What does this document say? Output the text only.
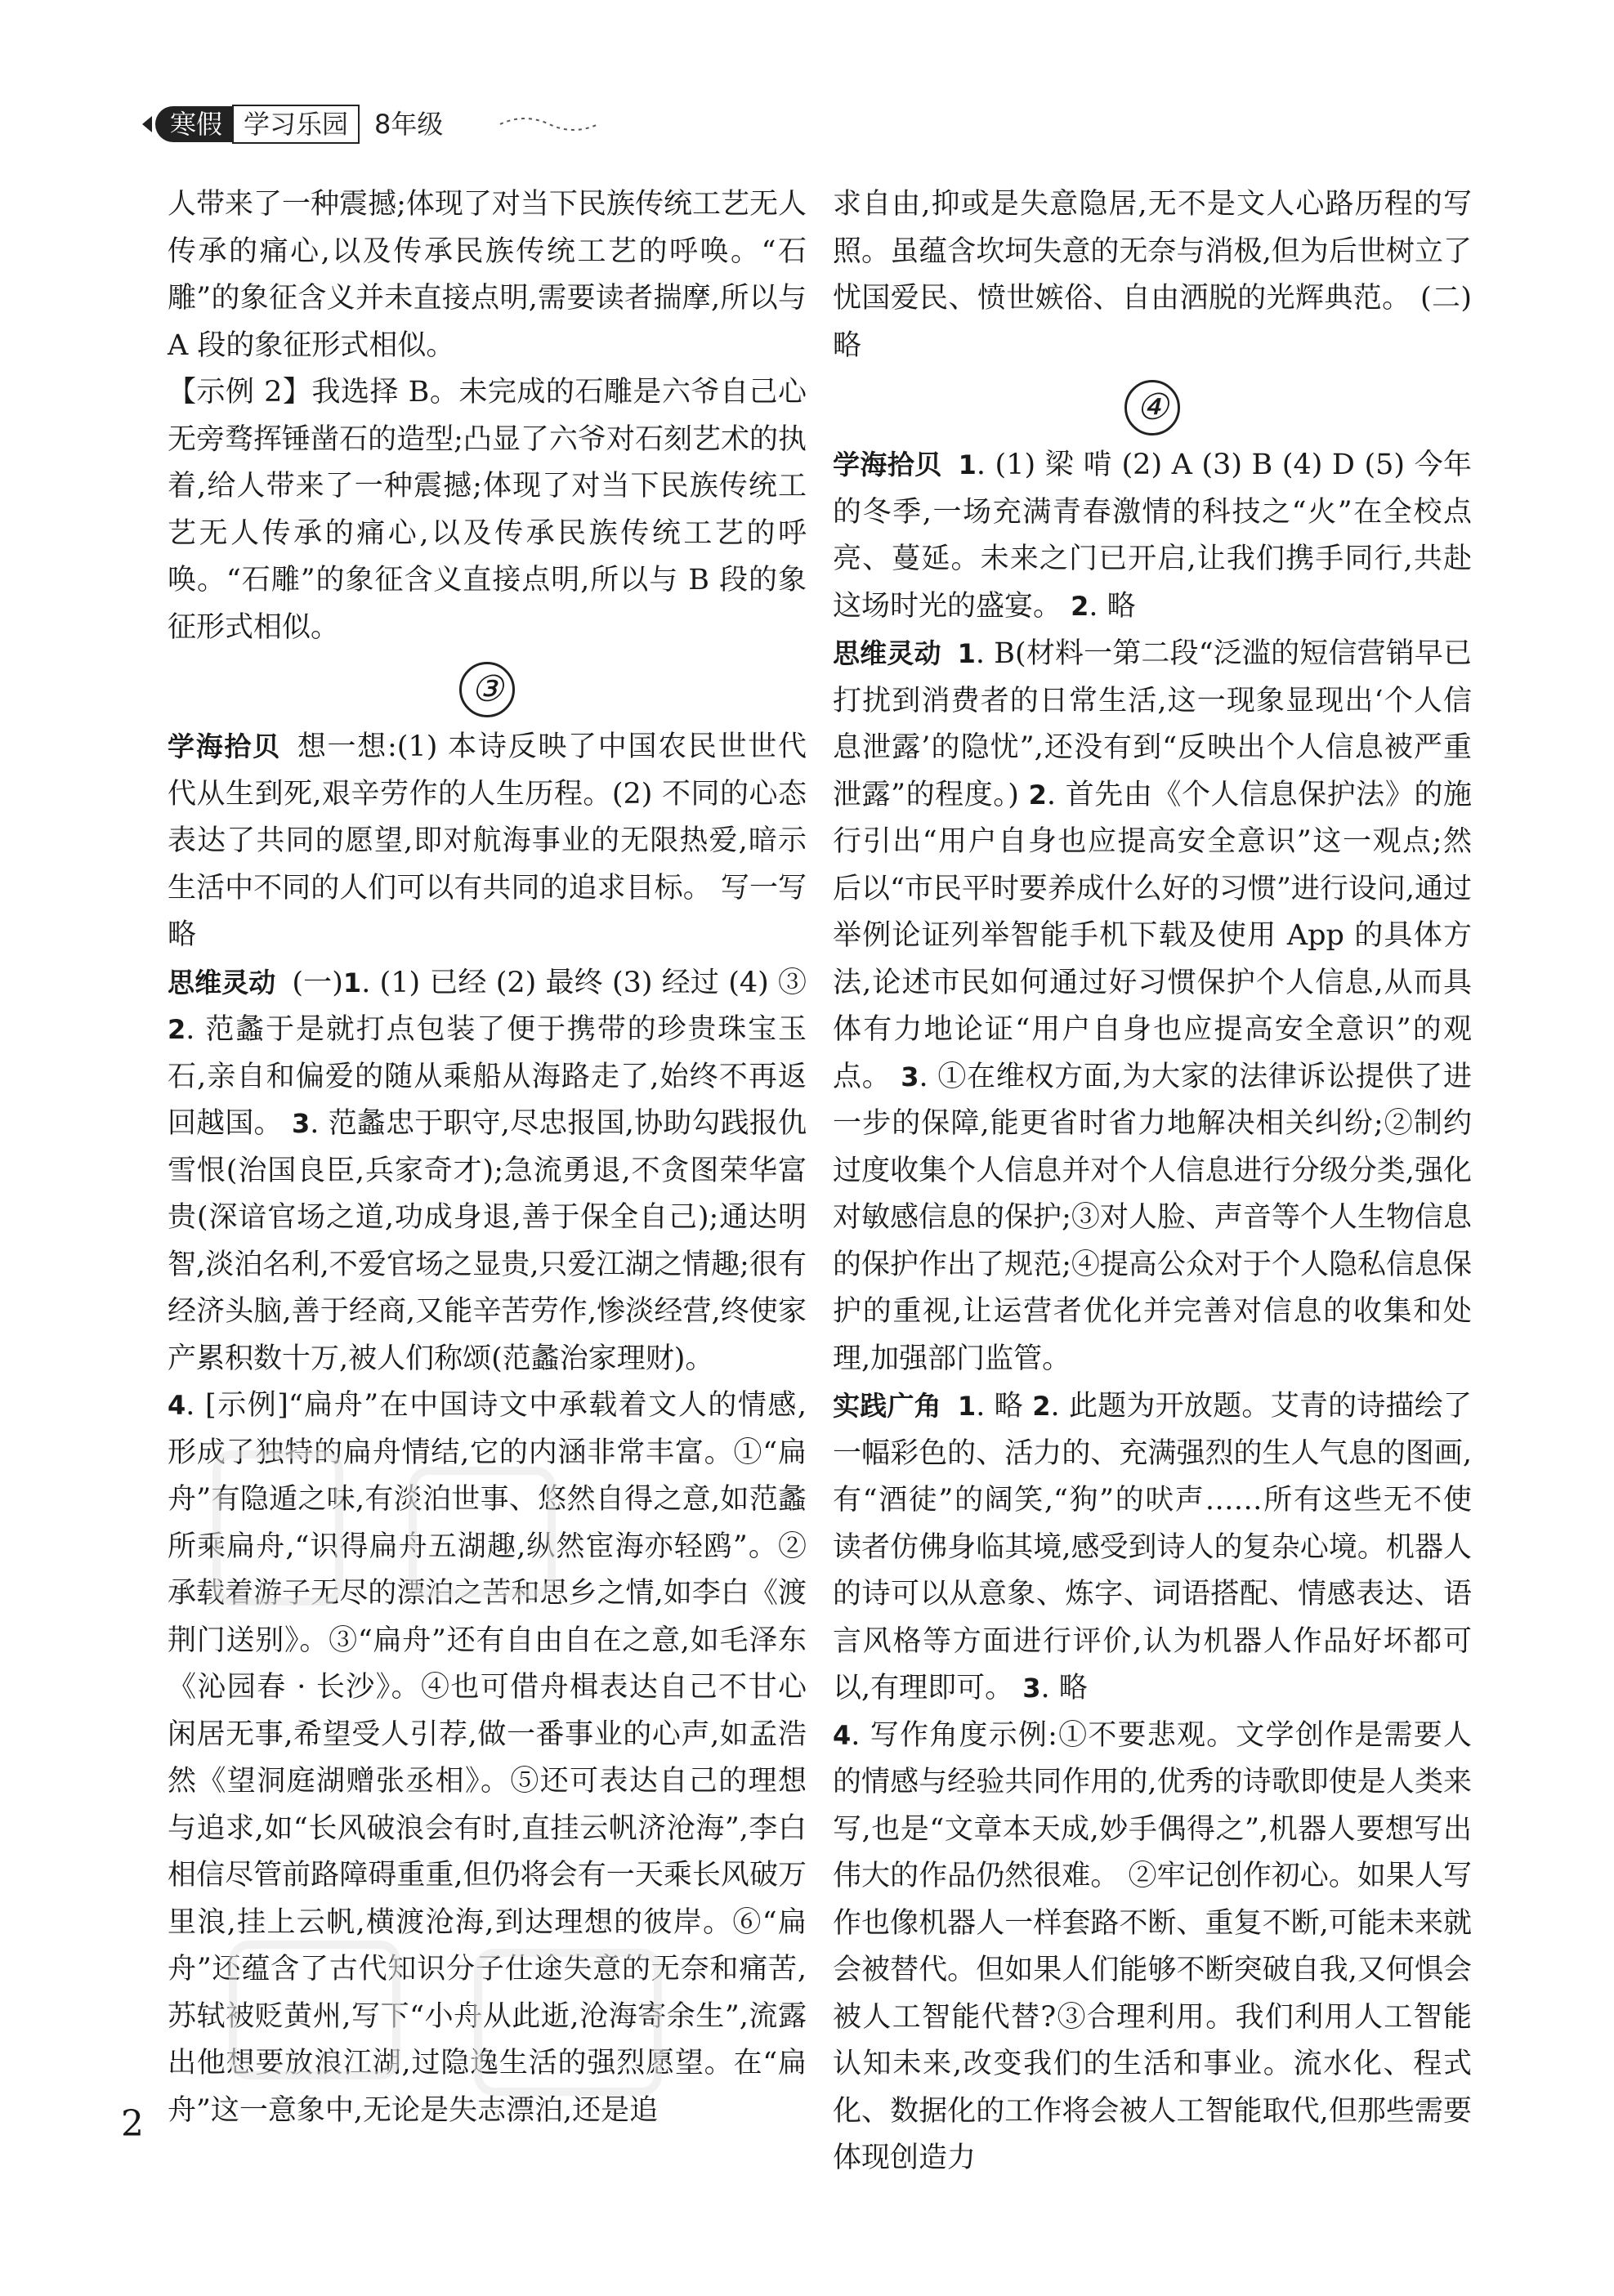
寒假 学习乐园	8年级

人带来了一种震撼;体现了对当下民族传统工艺无人传承的痛心,以及传承民族传统工艺的呼唤。“石雕”的象征含义并未直接点明,需要读者揣摩,所以与 A 段的象征形式相似。

【示例 2】我选择 B。未完成的石雕是六爷自己心无旁骛挥锤凿石的造型;凸显了六爷对石刻艺术的执着,给人带来了一种震撼;体现了对当下民族传统工艺无人传承的痛心,以及传承民族传统工艺的呼唤。“石雕”的象征含义直接点明,所以与 B 段的象征形式相似。

③

学海拾贝 想一想:(1) 本诗反映了中国农民世世代代从生到死,艰辛劳作的人生历程。(2) 不同的心态表达了共同的愿望,即对航海事业的无限热爱,暗示生活中不同的人们可以有共同的追求目标。 写一写略

思维灵动 (一)1. (1) 已经 (2) 最终 (3) 经过 (4) ③ 2. 范蠡于是就打点包装了便于携带的珍贵珠宝玉石,亲自和偏爱的随从乘船从海路走了,始终不再返回越国。 3. 范蠡忠于职守,尽忠报国,协助勾践报仇雪恨(治国良臣,兵家奇才);急流勇退,不贪图荣华富贵(深谙官场之道,功成身退,善于保全自己);通达明智,淡泊名利,不爱官场之显贵,只爱江湖之情趣;很有经济头脑,善于经商,又能辛苦劳作,惨淡经营,终使家产累积数十万,被人们称颂(范蠡治家理财)。

4. [示例]“扁舟”在中国诗文中承载着文人的情感,形成了独特的扁舟情结,它的内涵非常丰富。①“扁舟”有隐遁之味,有淡泊世事、悠然自得之意,如范蠡所乘扁舟,“识得扁舟五湖趣,纵然宦海亦轻鸥”。②承载着游子无尽的漂泊之苦和思乡之情,如李白《渡荆门送别》。③“扁舟”还有自由自在之意,如毛泽东《沁园春 · 长沙》。④也可借舟楫表达自己不甘心闲居无事,希望受人引荐,做一番事业的心声,如孟浩然《望洞庭湖赠张丞相》。⑤还可表达自己的理想与追求,如“长风破浪会有时,直挂云帆济沧海”,李白相信尽管前路障碍重重,但仍将会有一天乘长风破万里浪,挂上云帆,横渡沧海,到达理想的彼岸。⑥“扁舟”还蕴含了古代知识分子仕途失意的无奈和痛苦,苏轼被贬黄州,写下“小舟从此逝,沧海寄余生”,流露出他想要放浪江湖,过隐逸生活的强烈愿望。在“扁舟”这一意象中,无论是失志漂泊,还是追

求自由,抑或是失意隐居,无不是文人心路历程的写照。虽蕴含坎坷失意的无奈与消极,但为后世树立了忧国爱民、愤世嫉俗、自由洒脱的光辉典范。 (二)略

④

学海拾贝 1. (1) 梁 啃 (2) A (3) B (4) D (5) 今年的冬季,一场充满青春激情的科技之“火”在全校点亮、蔓延。未来之门已开启,让我们携手同行,共赴这场时光的盛宴。 2. 略

思维灵动 1. B(材料一第二段“泛滥的短信营销早已打扰到消费者的日常生活,这一现象显现出‘个人信息泄露’的隐忧”,还没有到“反映出个人信息被严重泄露”的程度。) 2. 首先由《个人信息保护法》的施行引出“用户自身也应提高安全意识”这一观点;然后以“市民平时要养成什么好的习惯”进行设问,通过举例论证列举智能手机下载及使用 App 的具体方法,论述市民如何通过好习惯保护个人信息,从而具体有力地论证“用户自身也应提高安全意识”的观点。 3. ①在维权方面,为大家的法律诉讼提供了进一步的保障,能更省时省力地解决相关纠纷;②制约过度收集个人信息并对个人信息进行分级分类,强化对敏感信息的保护;③对人脸、声音等个人生物信息的保护作出了规范;④提高公众对于个人隐私信息保护的重视,让运营者优化并完善对信息的收集和处理,加强部门监管。

实践广角 1. 略 2. 此题为开放题。艾青的诗描绘了一幅彩色的、活力的、充满强烈的生人气息的图画,有“酒徒”的阔笑,“狗”的吠声……所有这些无不使读者仿佛身临其境,感受到诗人的复杂心境。机器人的诗可以从意象、炼字、词语搭配、情感表达、语言风格等方面进行评价,认为机器人作品好坏都可以,有理即可。 3. 略

4. 写作角度示例:①不要悲观。文学创作是需要人的情感与经验共同作用的,优秀的诗歌即使是人类来写,也是“文章本天成,妙手偶得之”,机器人要想写出伟大的作品仍然很难。 ②牢记创作初心。如果人写作也像机器人一样套路不断、重复不断,可能未来就会被替代。但如果人们能够不断突破自我,又何惧会被人工智能代替?③合理利用。我们利用人工智能认知未来,改变我们的生活和事业。流水化、程式化、数据化的工作将会被人工智能取代,但那些需要体现创造力

2
